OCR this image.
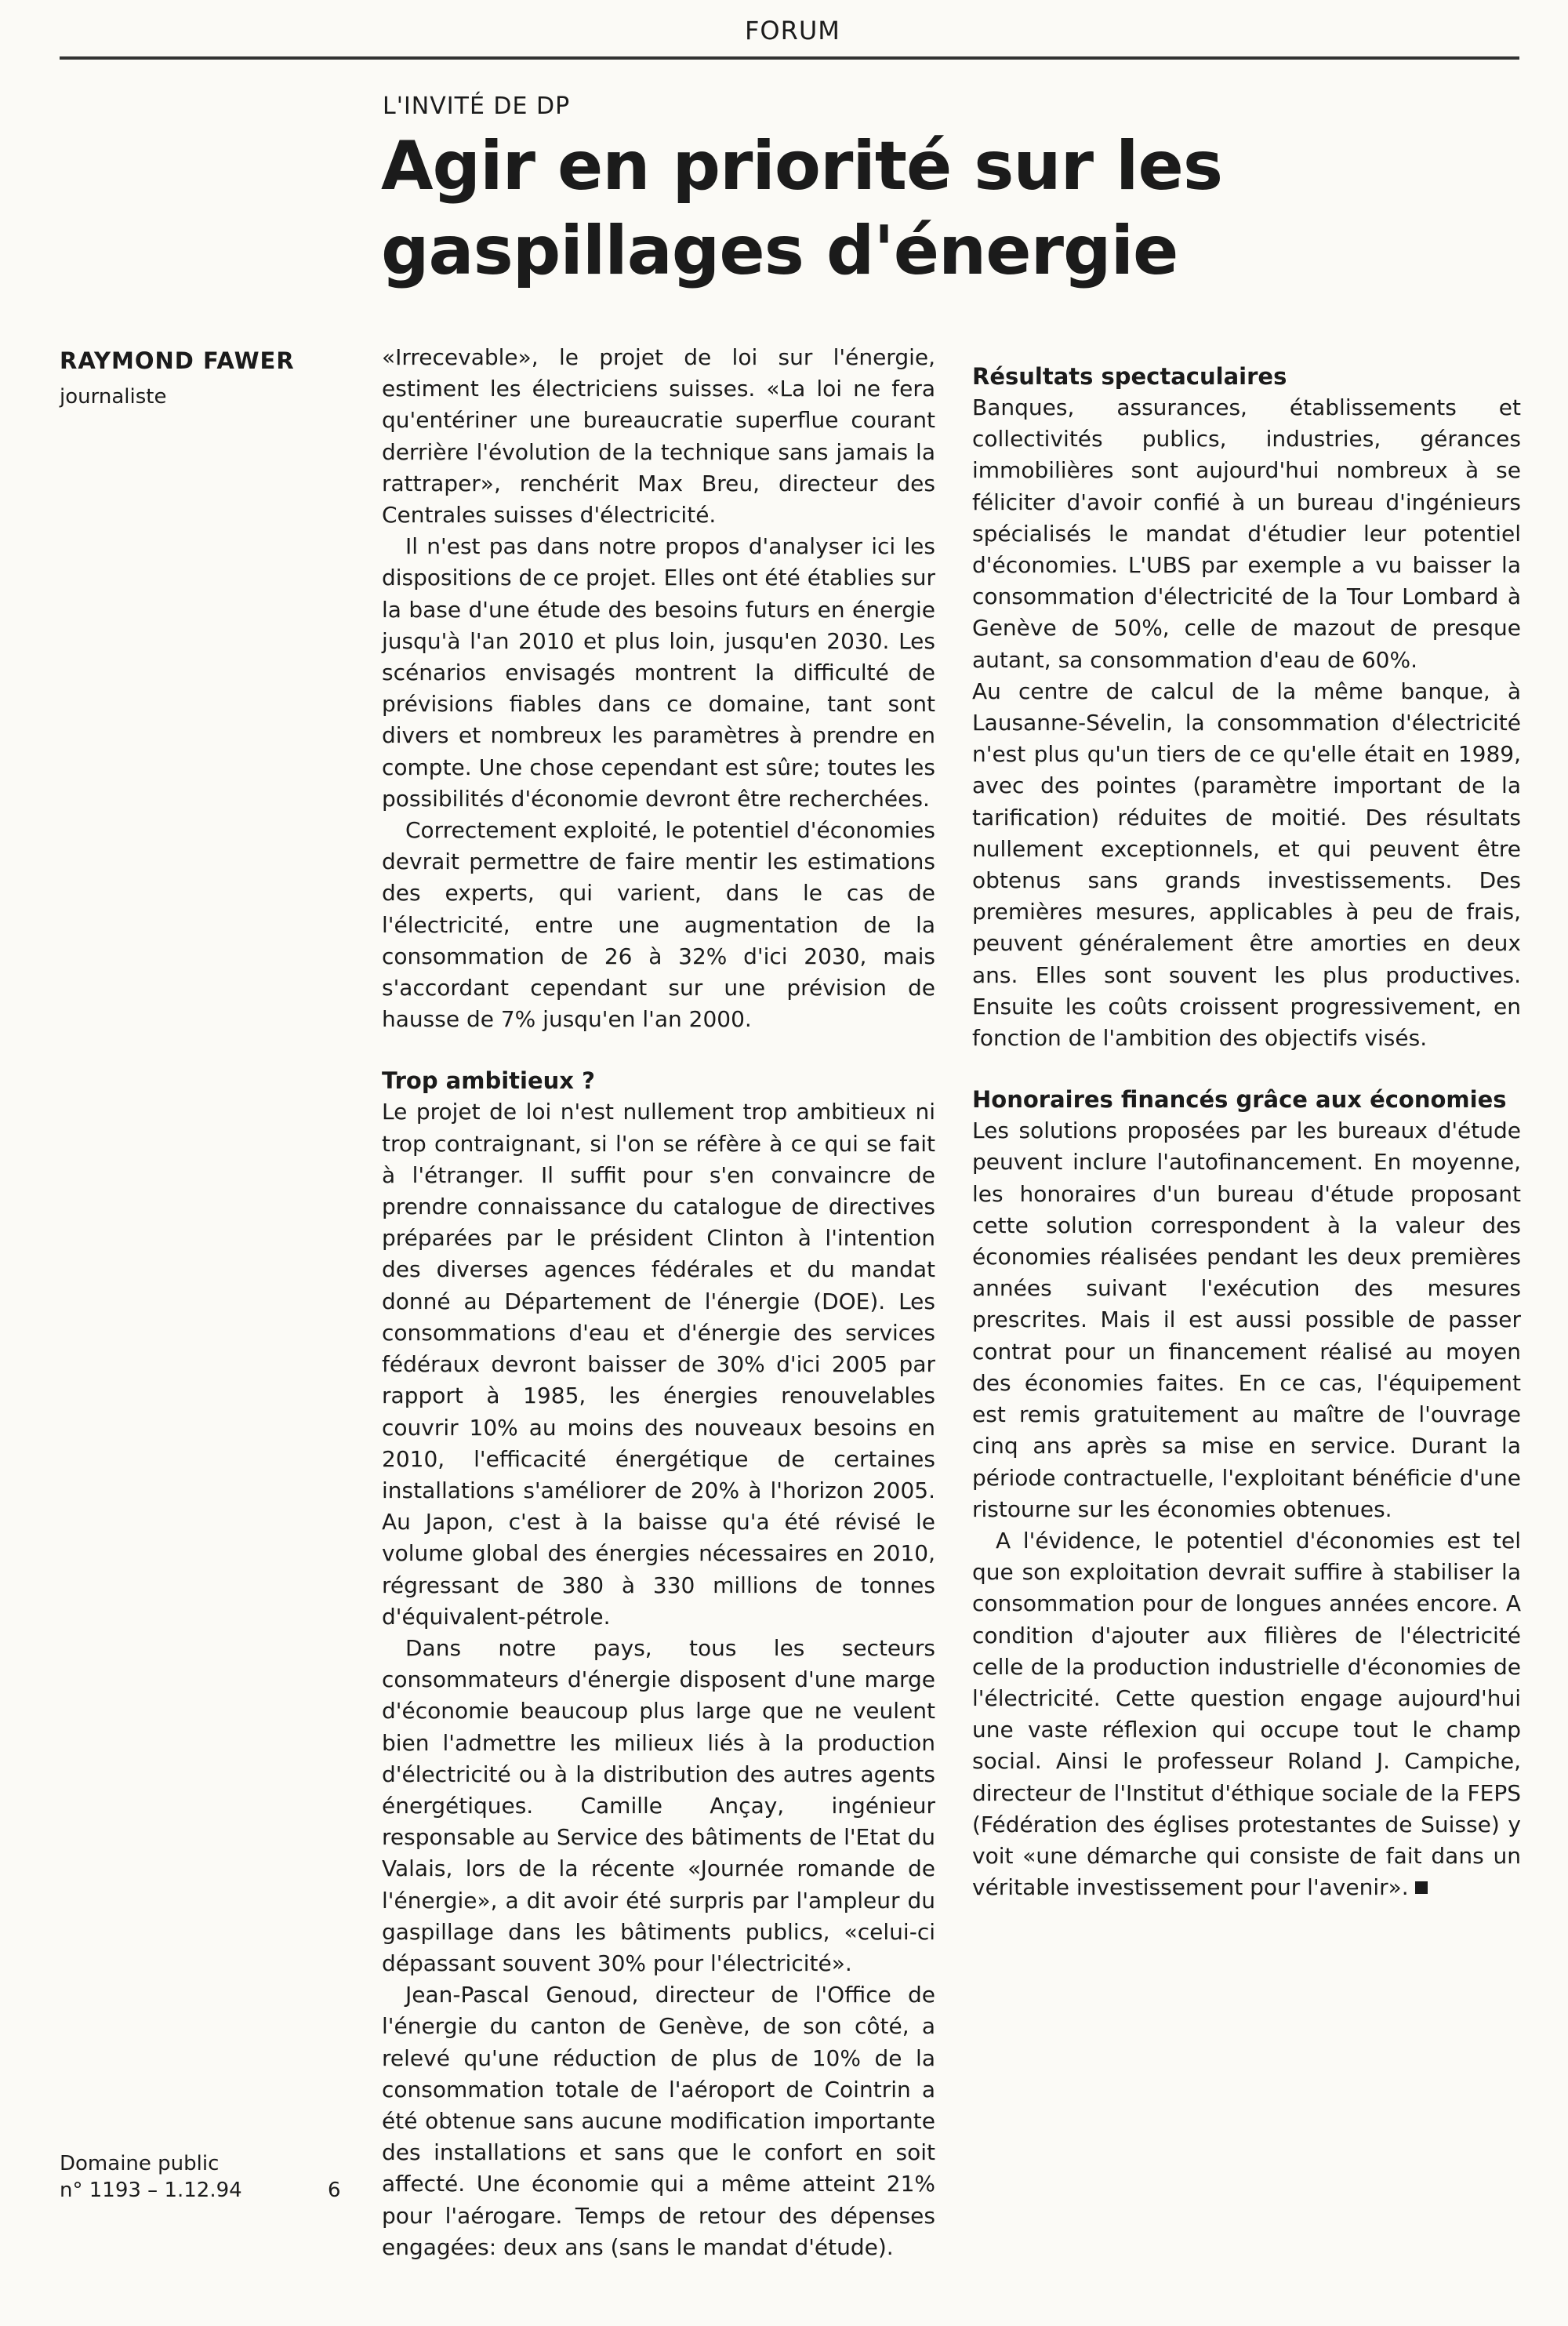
FORUM
L'INVITÉ DE DP
Agir en priorité sur les gaspillages d'énergie
RAYMOND FAWER
journaliste

«Irrecevable», le projet de loi sur l'énergie, estiment les électriciens suisses. «La loi ne fera qu'entériner une bureaucratie superflue courant derrière l'évolution de la technique sans jamais la rattraper», renchérit Max Breu, directeur des Centrales suisses d'électricité.

Il n'est pas dans notre propos d'analyser ici les dispositions de ce projet. Elles ont été établies sur la base d'une étude des besoins futurs en énergie jusqu'à l'an 2010 et plus loin, jusqu'en 2030. Les scénarios envisagés montrent la difficulté de prévisions fiables dans ce domaine, tant sont divers et nombreux les paramètres à prendre en compte. Une chose cependant est sûre; toutes les possibilités d'économie devront être recherchées.

Correctement exploité, le potentiel d'économies devrait permettre de faire mentir les estimations des experts, qui varient, dans le cas de l'électricité, entre une augmentation de la consommation de 26 à 32% d'ici 2030, mais s'accordant cependant sur une prévision de hausse de 7% jusqu'en l'an 2000.

Trop ambitieux ?

Le projet de loi n'est nullement trop ambitieux ni trop contraignant, si l'on se réfère à ce qui se fait à l'étranger. Il suffit pour s'en convaincre de prendre connaissance du catalogue de directives préparées par le président Clinton à l'intention des diverses agences fédérales et du mandat donné au Département de l'énergie (DOE). Les consommations d'eau et d'énergie des services fédéraux devront baisser de 30% d'ici 2005 par rapport à 1985, les énergies renouvelables couvrir 10% au moins des nouveaux besoins en 2010, l'efficacité énergétique de certaines installations s'améliorer de 20% à l'horizon 2005. Au Japon, c'est à la baisse qu'a été révisé le volume global des énergies nécessaires en 2010, régressant de 380 à 330 millions de tonnes d'équivalent-pétrole.

Dans notre pays, tous les secteurs consommateurs d'énergie disposent d'une marge d'économie beaucoup plus large que ne veulent bien l'admettre les milieux liés à la production d'électricité ou à la distribution des autres agents énergétiques. Camille Ançay, ingénieur responsable au Service des bâtiments de l'Etat du Valais, lors de la récente «Journée romande de l'énergie», a dit avoir été surpris par l'ampleur du gaspillage dans les bâtiments publics, «celui-ci dépassant souvent 30% pour l'électricité».

Jean-Pascal Genoud, directeur de l'Office de l'énergie du canton de Genève, de son côté, a relevé qu'une réduction de plus de 10% de la consommation totale de l'aéroport de Cointrin a été obtenue sans aucune modification importante des installations et sans que le confort en soit affecté. Une économie qui a même atteint 21% pour l'aérogare. Temps de retour des dépenses engagées: deux ans (sans le mandat d'étude).

Résultats spectaculaires

Banques, assurances, établissements et collectivités publics, industries, gérances immobilières sont aujourd'hui nombreux à se féliciter d'avoir confié à un bureau d'ingénieurs spécialisés le mandat d'étudier leur potentiel d'économies. L'UBS par exemple a vu baisser la consommation d'électricité de la Tour Lombard à Genève de 50%, celle de mazout de presque autant, sa consommation d'eau de 60%.

Au centre de calcul de la même banque, à Lausanne-Sévelin, la consommation d'électricité n'est plus qu'un tiers de ce qu'elle était en 1989, avec des pointes (paramètre important de la tarification) réduites de moitié. Des résultats nullement exceptionnels, et qui peuvent être obtenus sans grands investissements. Des premières mesures, applicables à peu de frais, peuvent généralement être amorties en deux ans. Elles sont souvent les plus productives. Ensuite les coûts croissent progressivement, en fonction de l'ambition des objectifs visés.

Honoraires financés grâce aux économies

Les solutions proposées par les bureaux d'étude peuvent inclure l'autofinancement. En moyenne, les honoraires d'un bureau d'étude proposant cette solution correspondent à la valeur des économies réalisées pendant les deux premières années suivant l'exécution des mesures prescrites. Mais il est aussi possible de passer contrat pour un financement réalisé au moyen des économies faites. En ce cas, l'équipement est remis gratuitement au maître de l'ouvrage cinq ans après sa mise en service. Durant la période contractuelle, l'exploitant bénéficie d'une ristourne sur les économies obtenues.

A l'évidence, le potentiel d'économies est tel que son exploitation devrait suffire à stabiliser la consommation pour de longues années encore. A condition d'ajouter aux filières de l'électricité celle de la production industrielle d'économies de l'électricité. Cette question engage aujourd'hui une vaste réflexion qui occupe tout le champ social. Ainsi le professeur Roland J. Campiche, directeur de l'Institut d'éthique sociale de la FEPS (Fédération des églises protestantes de Suisse) y voit «une démarche qui consiste de fait dans un véritable investissement pour l'avenir».

Domaine public
n° 1193 – 1.12.94	6
